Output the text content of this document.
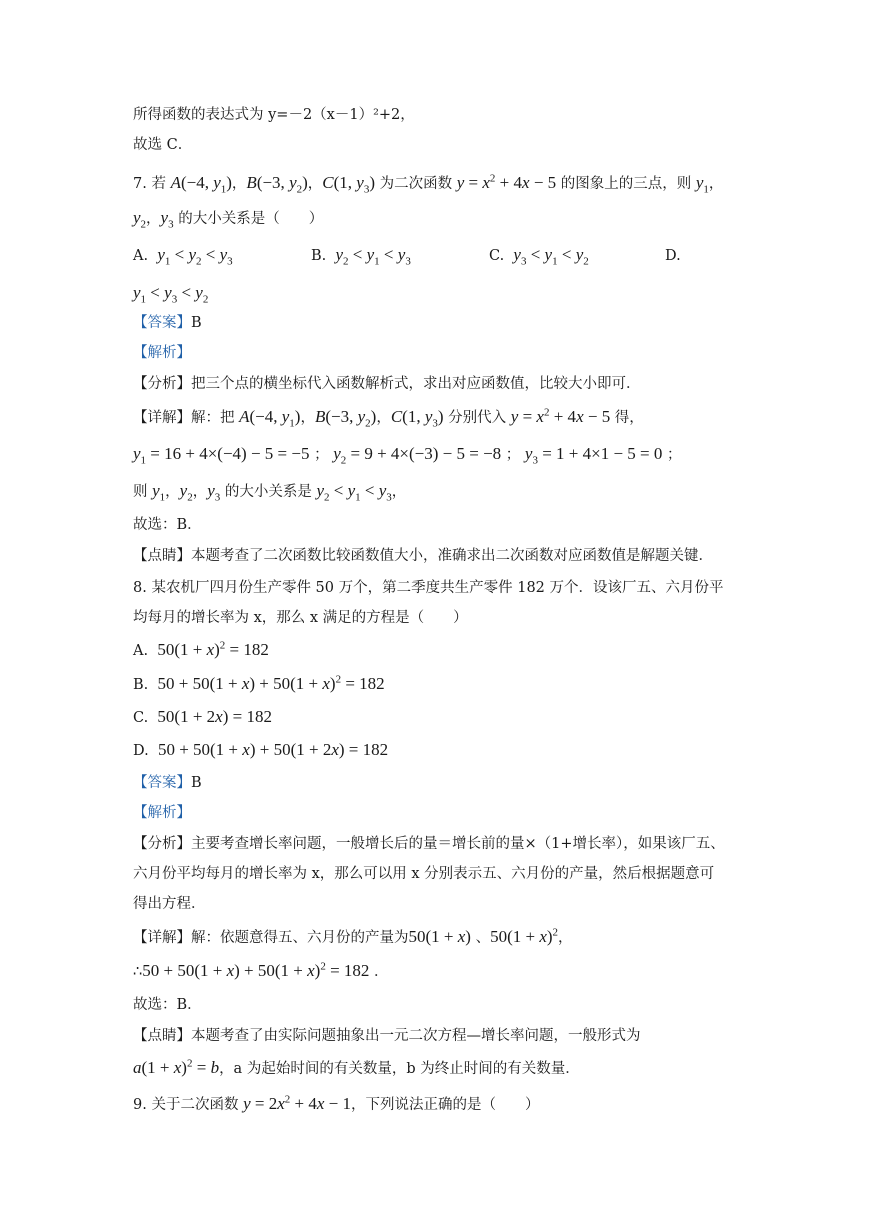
所得函数的表达式为 y=－2（x－1）²+2，
故选 C．
7. 若 A(−4, $y_1$)，B(−3, $y_2$)，C(1, $y_3$) 为二次函数 $y = x^2 + 4x - 5$ 的图象上的三点，则 $y_1$，
$y_2$，$y_3$ 的大小关系是（　　）
A. $y_1 < y_2 < y_3$	B. $y_2 < y_1 < y_3$	C. $y_3 < y_1 < y_2$	D.
$y_1 < y_3 < y_2$
【答案】B
【解析】
【分析】把三个点的横坐标代入函数解析式，求出对应函数值，比较大小即可．
【详解】解：把 A(−4, $y_1$)，B(−3, $y_2$)，C(1, $y_3$) 分别代入 $y = x^2 + 4x - 5$ 得，
$y_1 = 16 + 4\times(-4) - 5 = -5$ ； $y_2 = 9 + 4\times(-3) - 5 = -8$ ； $y_3 = 1 + 4\times 1 - 5 = 0$ ；
则 $y_1$，$y_2$，$y_3$ 的大小关系是 $y_2 < y_1 < y_3$，
故选：B．
【点睛】本题考查了二次函数比较函数值大小，准确求出二次函数对应函数值是解题关键．
8. 某农机厂四月份生产零件 50 万个，第二季度共生产零件 182 万个．设该厂五、六月份平
均每月的增长率为 x，那么 x 满足的方程是（　　）
A. $50(1 + x)^2 = 182$
B. $50 + 50(1 + x) + 50(1 + x)^2 = 182$
C. 50(1 + 2x) = 182
D. 50 + 50(1 + x) + 50(1 + 2x) = 182
【答案】B
【解析】
【分析】主要考查增长率问题，一般增长后的量＝增长前的量×（1+增长率），如果该厂五、
六月份平均每月的增长率为 x，那么可以用 x 分别表示五、六月份的产量，然后根据题意可
得出方程．
【详解】解：依题意得五、六月份的产量为50(1 + x) 、$50(1 + x)^2$，
∴50 + $50(1 + x) + 50(1 + x)^2 = 182$ ．
故选：B．
【点睛】本题考查了由实际问题抽象出一元二次方程—增长率问题，一般形式为
$a(1 + x)^2 = b$，a 为起始时间的有关数量，b 为终止时间的有关数量．
9. 关于二次函数 $y = 2x^2 + 4x - 1$，下列说法正确的是（　　）
